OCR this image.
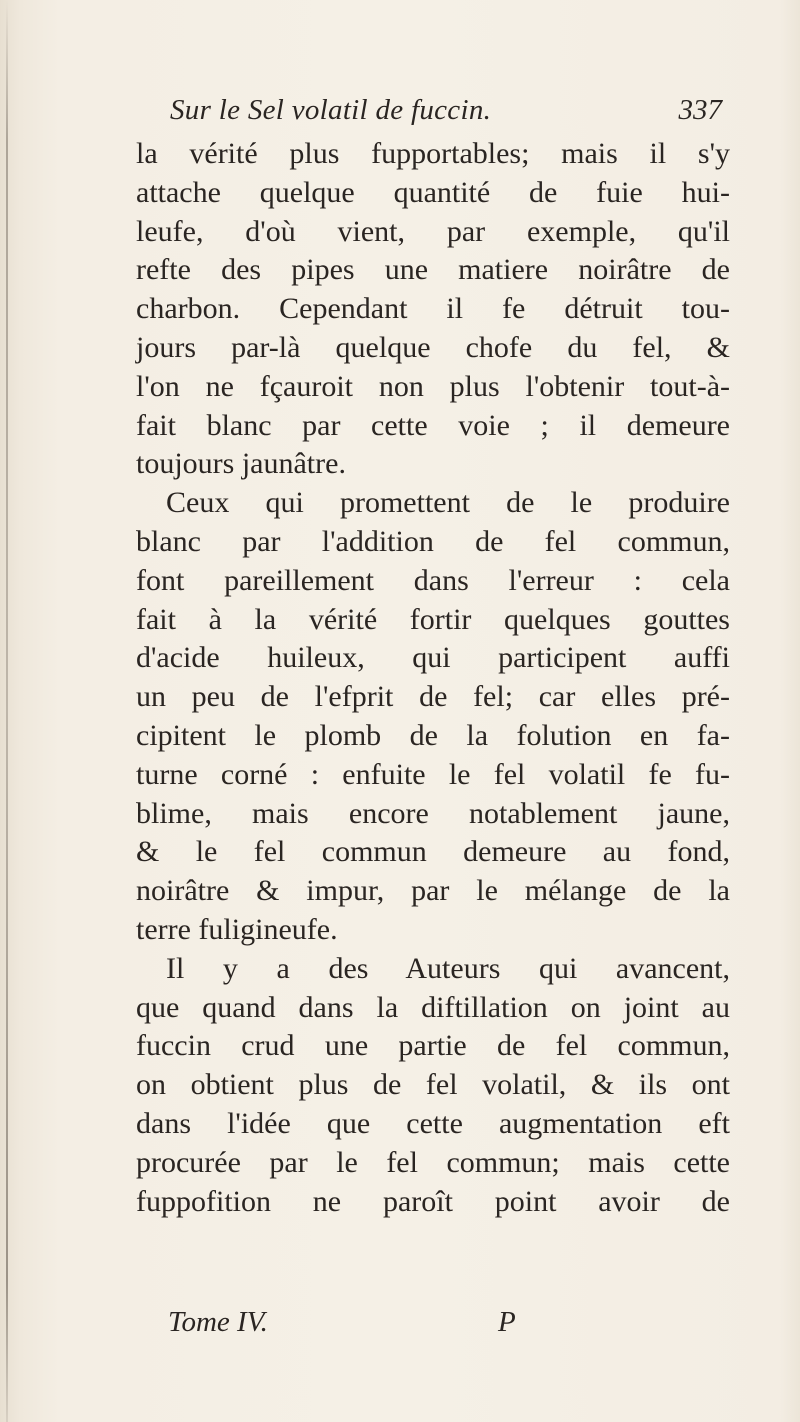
Sur le Sel volatil de fuccin.	337
la vérité plus fupportables; mais il s'y
attache quelque quantité de fuie hui-
leufe, d'où vient, par exemple, qu'il
refte des pipes une matiere noirâtre de
charbon. Cependant il fe détruit tou-
jours par-là quelque chofe du fel, &
l'on ne fçauroit non plus l'obtenir tout-à-
fait blanc par cette voie ; il demeure
toujours jaunâtre.
Ceux qui promettent de le produire
blanc par l'addition de fel commun,
font pareillement dans l'erreur : cela
fait à la vérité fortir quelques gouttes
d'acide huileux, qui participent auffi
un peu de l'efprit de fel; car elles pré-
cipitent le plomb de la folution en fa-
turne corné : enfuite le fel volatil fe fu-
blime, mais encore notablement jaune,
& le fel commun demeure au fond,
noirâtre & impur, par le mélange de la
terre fuligineufe.
Il y a des Auteurs qui avancent,
que quand dans la diftillation on joint au
fuccin crud une partie de fel commun,
on obtient plus de fel volatil, & ils ont
dans l'idée que cette augmentation eft
procurée par le fel commun; mais cette
fuppofition ne paroît point avoir de
Tome IV.	P
